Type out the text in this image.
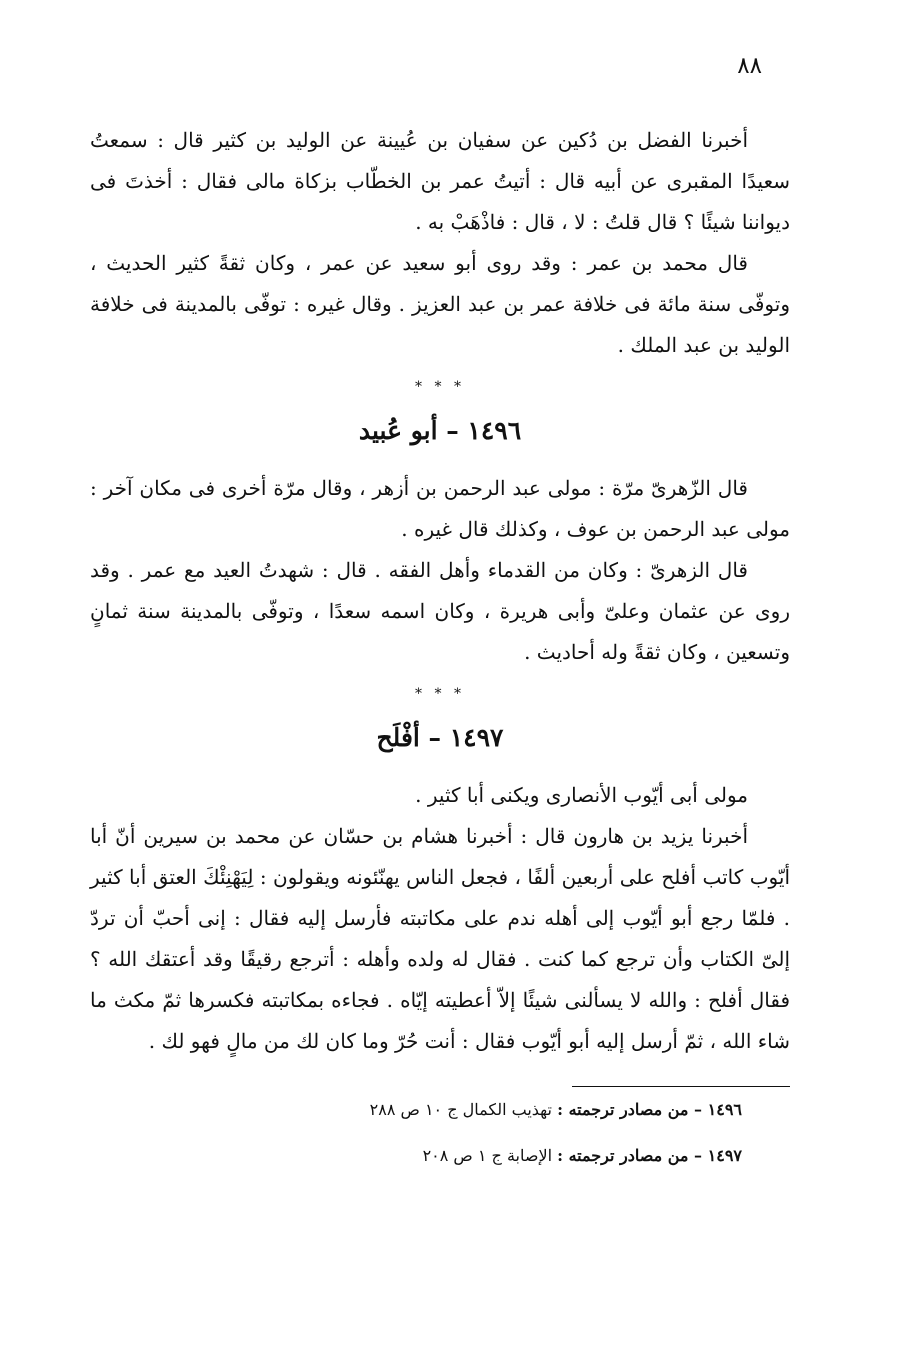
٨٨

أخبرنا الفضل بن دُكين عن سفيان بن عُيينة عن الوليد بن كثير قال : سمعتُ سعيدًا المقبرى عن أبيه قال : أتيتُ عمر بن الخطّاب بزكاة مالى فقال : أخذتَ فى ديواننا شيئًا ؟ قال قلتُ : لا ، قال : فاذْهَبْ به .

قال محمد بن عمر : وقد روى أبو سعيد عن عمر ، وكان ثقةً كثير الحديث ، وتوفّى سنة مائة فى خلافة عمر بن عبد العزيز . وقال غيره : توفّى بالمدينة فى خلافة الوليد بن عبد الملك .

* * *
١٤٩٦ – أبو عُبيد

قال الزّهرىّ مرّة : مولى عبد الرحمن بن أزهر ، وقال مرّة أخرى فى مكان آخر : مولى عبد الرحمن بن عوف ، وكذلك قال غيره .

قال الزهرىّ : وكان من القدماء وأهل الفقه . قال : شهدتُ العيد مع عمر . وقد روى عن عثمان وعلىّ وأبى هريرة ، وكان اسمه سعدًا ، وتوفّى بالمدينة سنة ثمانٍ وتسعين ، وكان ثقةً وله أحاديث .

* * *
١٤٩٧ – أفْلَح

مولى أبى أيّوب الأنصارى ويكنى أبا كثير .

أخبرنا يزيد بن هارون قال : أخبرنا هشام بن حسّان عن محمد بن سيرين أنّ أبا أيّوب كاتب أفلح على أربعين ألفًا ، فجعل الناس يهنّئونه ويقولون : لِيَهْنِئْكَ العتق أبا كثير . فلمّا رجع أبو أيّوب إلى أهله ندم على مكاتبته فأرسل إليه فقال : إنى أحبّ أن تردّ إلىّ الكتاب وأن ترجع كما كنت . فقال له ولده وأهله : أترجع رقيقًا وقد أعتقك الله ؟ فقال أفلح : والله لا يسألنى شيئًا إلاّ أعطيته إيّاه . فجاءه بمكاتبته فكسرها ثمّ مكث ما شاء الله ، ثمّ أرسل إليه أبو أيّوب فقال : أنت حُرّ وما كان لك من مالٍ فهو لك .

١٤٩٦ – من مصادر ترجمته : تهذيب الكمال ج ١٠ ص ٢٨٨

١٤٩٧ – من مصادر ترجمته : الإصابة ج ١ ص ٢٠٨
